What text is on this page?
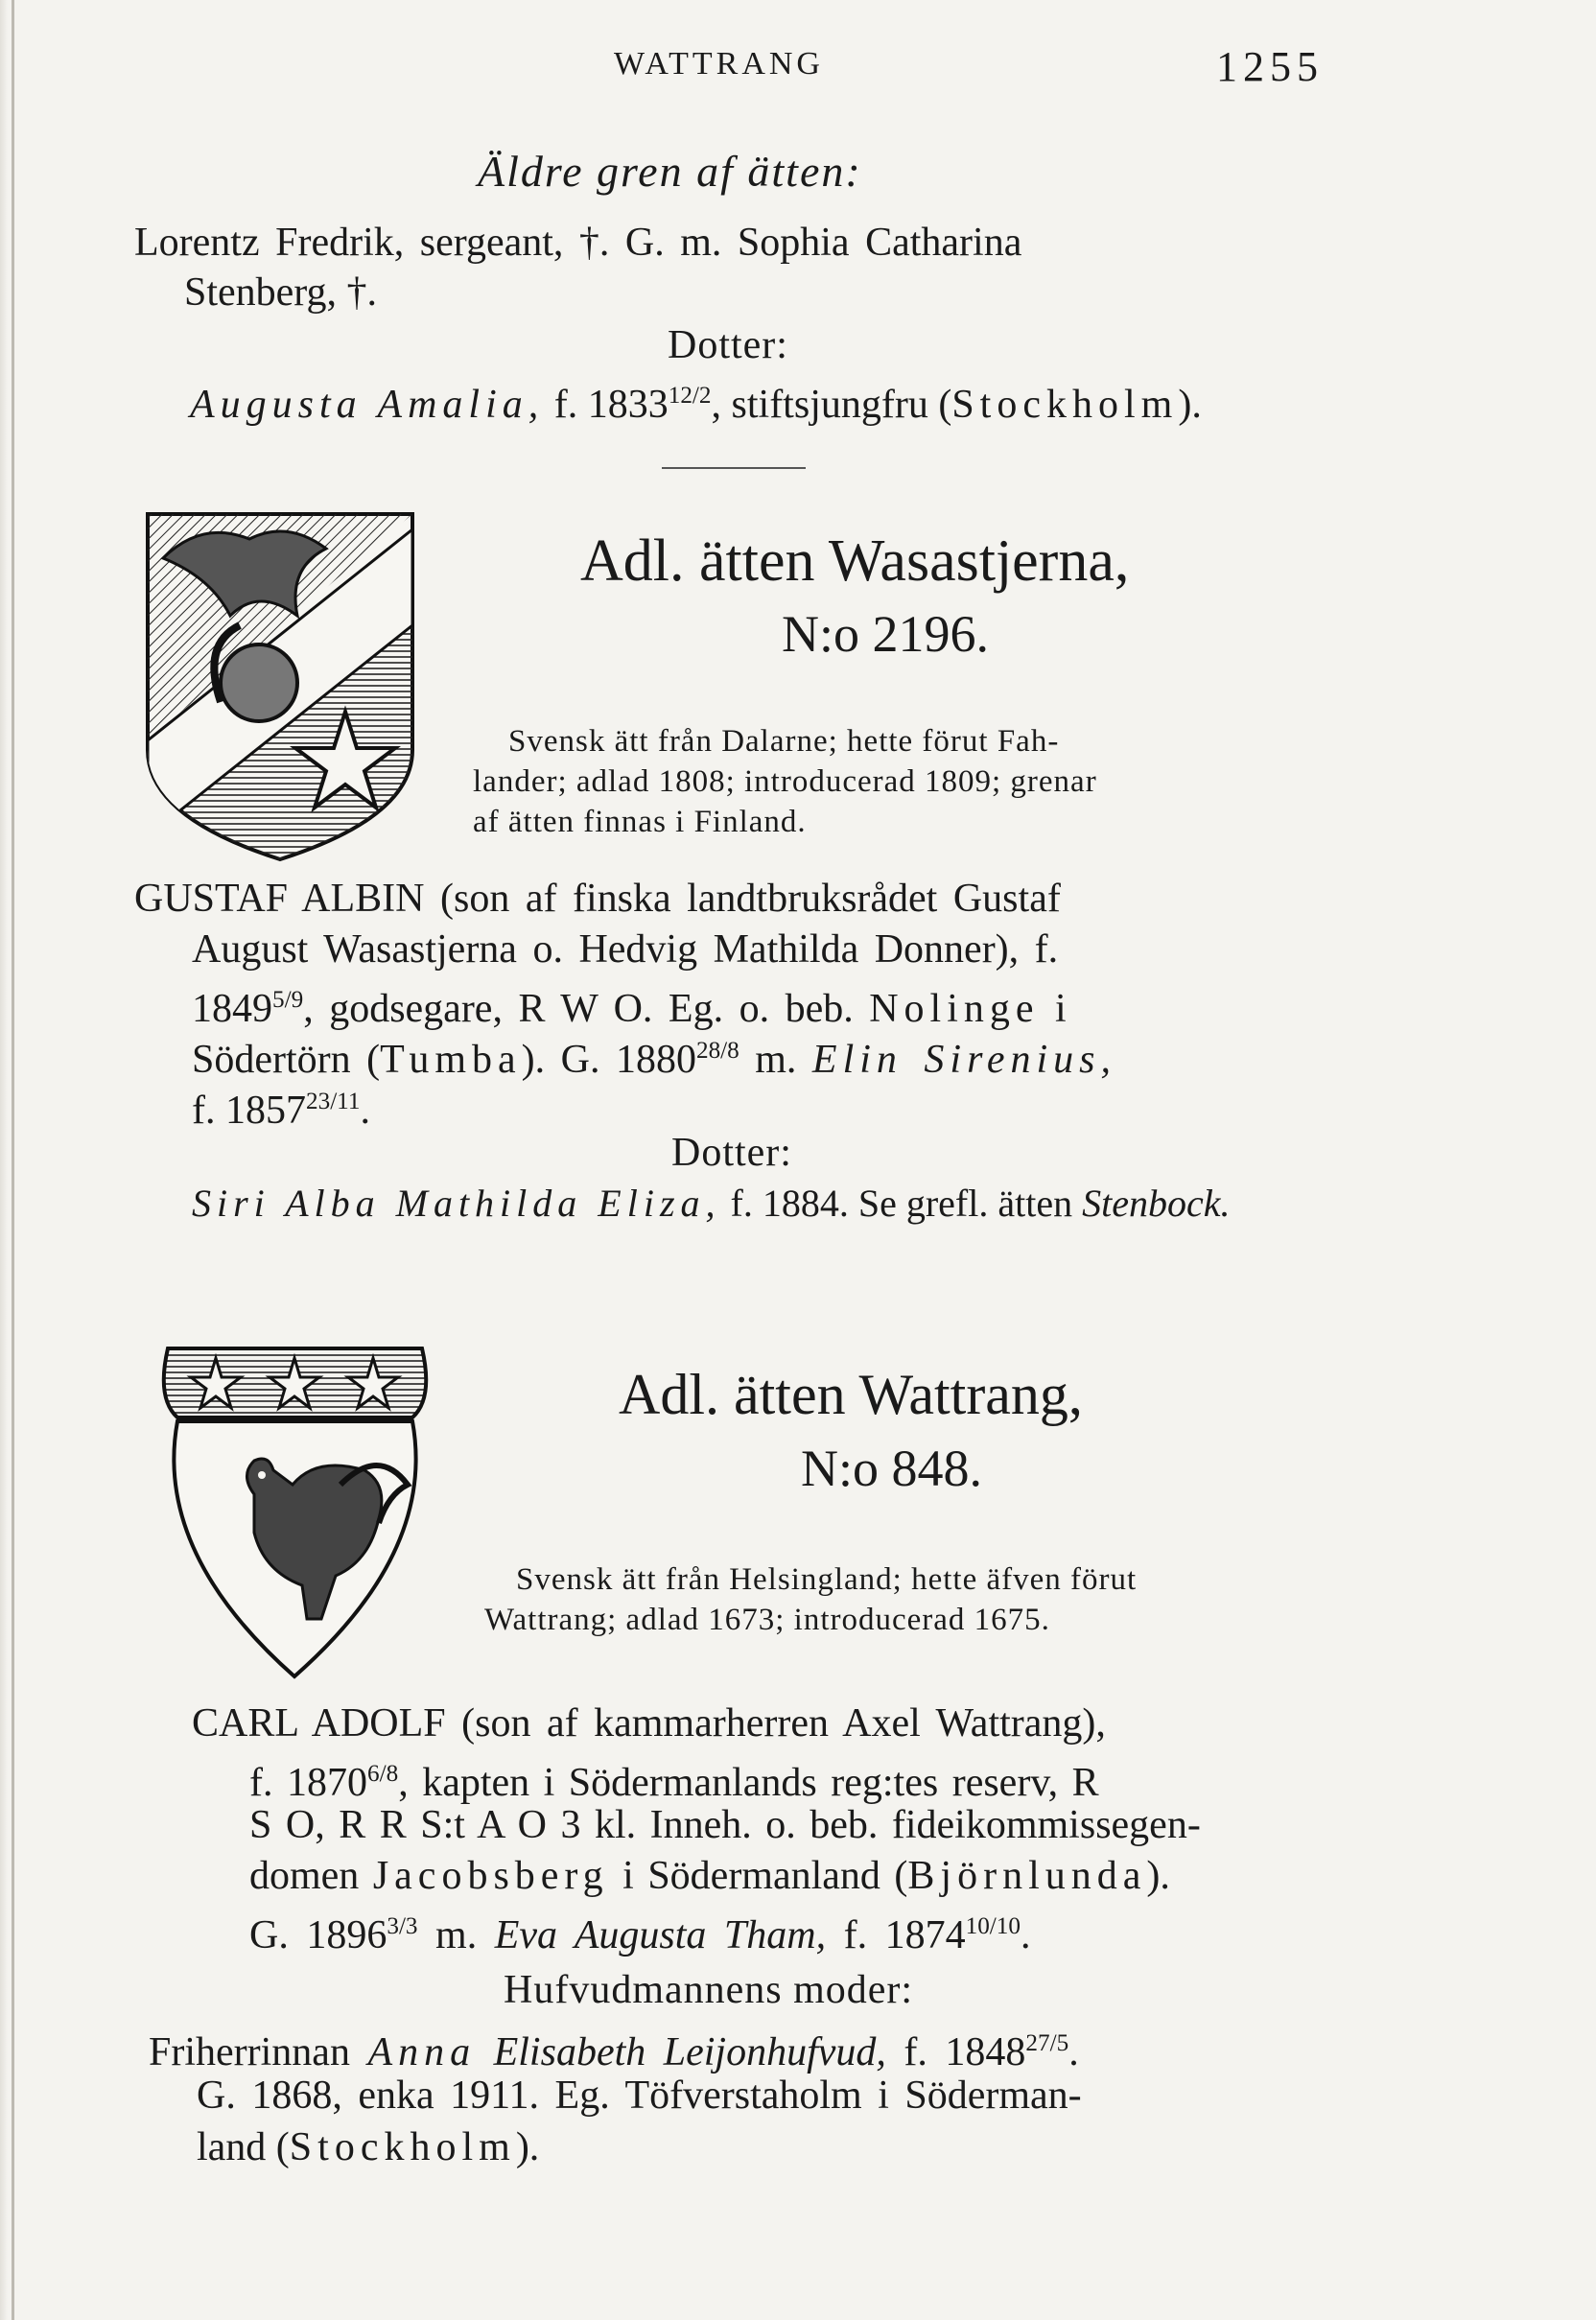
WATTRANG	1255
Äldre gren af ätten:
Lorentz Fredrik, sergeant, †. G. m. Sophia Catharina
Stenberg, †.
Dotter:
Augusta Amalia, f. $1833^{12/2}$, stiftsjungfru (Stockholm).
Adl. ätten Wasastjerna,
N:o 2196.
Svensk ätt från Dalarne; hette förut Fah-
lander; adlad 1808; introducerad 1809; grenar
af ätten finnas i Finland.
GUSTAF ALBIN (son af finska landtbruksrådet Gustaf
August Wasastjerna o. Hedvig Mathilda Donner), f.
$1849^{5/9}$, godsegare, R W O. Eg. o. beb. Nolinge i
Södertörn (Tumba). G. $1880^{28/8}$ m. Elin Sirenius,
f. $1857^{23/11}$.
Dotter:
Siri Alba Mathilda Eliza, f. 1884. Se grefl. ätten Stenbock.
Adl. ätten Wattrang,
N:o 848.
Svensk ätt från Helsingland; hette äfven förut
Wattrang; adlad 1673; introducerad 1675.
CARL ADOLF (son af kammarherren Axel Wattrang),
f. $1870^{6/8}$, kapten i Södermanlands reg:tes reserv, R
S O, R R S:t A O 3 kl. Inneh. o. beb. fideikommissegen-
domen Jacobsberg i Södermanland (Björnlunda).
G. $1896^{3/3}$ m. Eva Augusta Tham, f. $1874^{10/10}$.
Hufvudmannens moder:
Friherrinnan Anna Elisabeth Leijonhufvud, f. $1848^{27/5}$.
G. 1868, enka 1911. Eg. Töfverstaholm i Söderman-
land (Stockholm).
